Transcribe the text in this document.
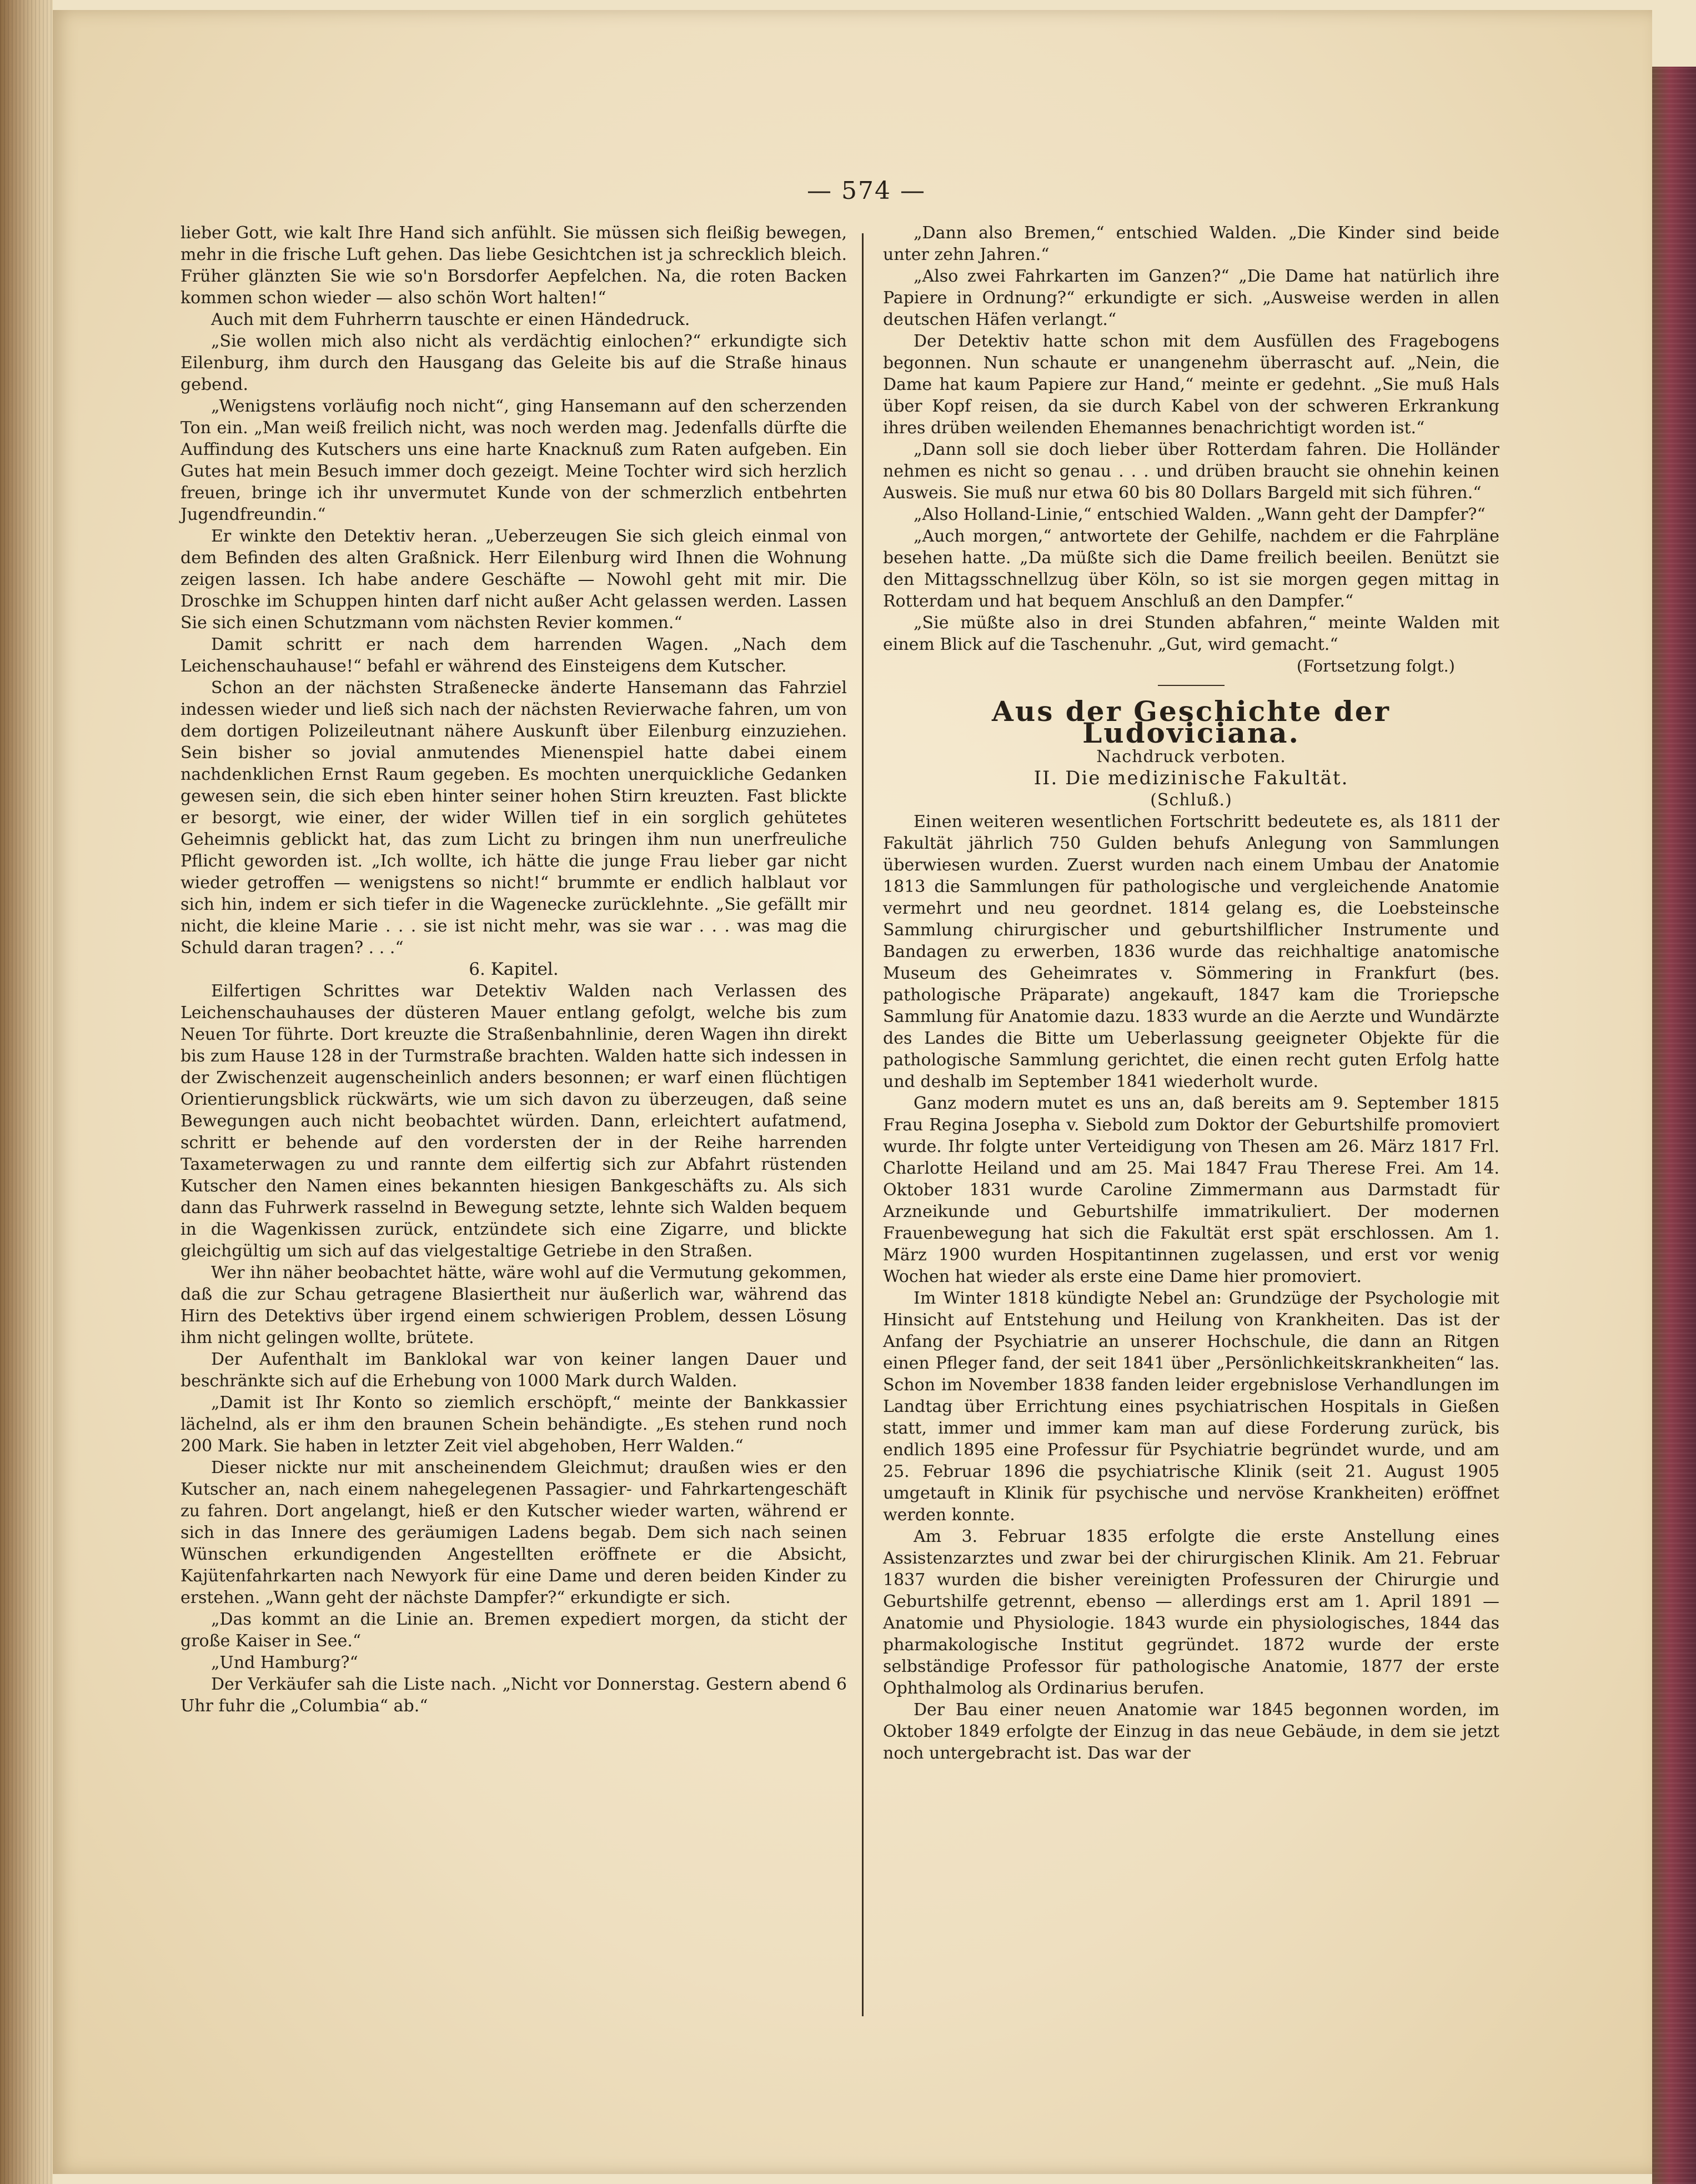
— 574 —

lieber Gott, wie kalt Ihre Hand sich anfühlt. Sie müssen sich fleißig bewegen, mehr in die frische Luft gehen. Das liebe Gesichtchen ist ja schrecklich bleich. Früher glänzten Sie wie so'n Borsdorfer Aepfelchen. Na, die roten Backen kommen schon wieder — also schön Wort halten!“

Auch mit dem Fuhrherrn tauschte er einen Händedruck.

„Sie wollen mich also nicht als verdächtig einlochen?“ erkundigte sich Eilenburg, ihm durch den Hausgang das Geleite bis auf die Straße hinaus gebend.

„Wenigstens vorläufig noch nicht“, ging Hansemann auf den scherzenden Ton ein. „Man weiß freilich nicht, was noch werden mag. Jedenfalls dürfte die Auffindung des Kutschers uns eine harte Knacknuß zum Raten aufgeben. Ein Gutes hat mein Besuch immer doch gezeigt. Meine Tochter wird sich herzlich freuen, bringe ich ihr unvermutet Kunde von der schmerzlich entbehrten Jugendfreundin.“

Er winkte den Detektiv heran. „Ueberzeugen Sie sich gleich einmal von dem Befinden des alten Graßnick. Herr Eilenburg wird Ihnen die Wohnung zeigen lassen. Ich habe andere Geschäfte — Nowohl geht mit mir. Die Droschke im Schuppen hinten darf nicht außer Acht gelassen werden. Lassen Sie sich einen Schutzmann vom nächsten Revier kommen.“

Damit schritt er nach dem harrenden Wagen. „Nach dem Leichenschauhause!“ befahl er während des Einsteigens dem Kutscher.

Schon an der nächsten Straßenecke änderte Hansemann das Fahrziel indessen wieder und ließ sich nach der nächsten Revierwache fahren, um von dem dortigen Polizeileutnant nähere Auskunft über Eilenburg einzuziehen. Sein bisher so jovial anmutendes Mienenspiel hatte dabei einem nachdenklichen Ernst Raum gegeben. Es mochten unerquickliche Gedanken gewesen sein, die sich eben hinter seiner hohen Stirn kreuzten. Fast blickte er besorgt, wie einer, der wider Willen tief in ein sorglich gehütetes Geheimnis geblickt hat, das zum Licht zu bringen ihm nun unerfreuliche Pflicht geworden ist. „Ich wollte, ich hätte die junge Frau lieber gar nicht wieder getroffen — wenigstens so nicht!“ brummte er endlich halblaut vor sich hin, indem er sich tiefer in die Wagenecke zurücklehnte. „Sie gefällt mir nicht, die kleine Marie . . . sie ist nicht mehr, was sie war . . . was mag die Schuld daran tragen? . . .“

6. Kapitel.

Eilfertigen Schrittes war Detektiv Walden nach Verlassen des Leichenschauhauses der düsteren Mauer entlang gefolgt, welche bis zum Neuen Tor führte. Dort kreuzte die Straßenbahnlinie, deren Wagen ihn direkt bis zum Hause 128 in der Turmstraße brachten. Walden hatte sich indessen in der Zwischenzeit augenscheinlich anders besonnen; er warf einen flüchtigen Orientierungsblick rückwärts, wie um sich davon zu überzeugen, daß seine Bewegungen auch nicht beobachtet würden. Dann, erleichtert aufatmend, schritt er behende auf den vordersten der in der Reihe harrenden Taxameterwagen zu und rannte dem eilfertig sich zur Abfahrt rüstenden Kutscher den Namen eines bekannten hiesigen Bankgeschäfts zu. Als sich dann das Fuhrwerk rasselnd in Bewegung setzte, lehnte sich Walden bequem in die Wagenkissen zurück, entzündete sich eine Zigarre, und blickte gleichgültig um sich auf das vielgestaltige Getriebe in den Straßen.

Wer ihn näher beobachtet hätte, wäre wohl auf die Vermutung gekommen, daß die zur Schau getragene Blasiertheit nur äußerlich war, während das Hirn des Detektivs über irgend einem schwierigen Problem, dessen Lösung ihm nicht gelingen wollte, brütete.

Der Aufenthalt im Banklokal war von keiner langen Dauer und beschränkte sich auf die Erhebung von 1000 Mark durch Walden.

„Damit ist Ihr Konto so ziemlich erschöpft,“ meinte der Bankkassier lächelnd, als er ihm den braunen Schein behändigte. „Es stehen rund noch 200 Mark. Sie haben in letzter Zeit viel abgehoben, Herr Walden.“

Dieser nickte nur mit anscheinendem Gleichmut; draußen wies er den Kutscher an, nach einem nahegelegenen Passagier- und Fahrkartengeschäft zu fahren. Dort angelangt, hieß er den Kutscher wieder warten, während er sich in das Innere des geräumigen Ladens begab. Dem sich nach seinen Wünschen erkundigenden Angestellten eröffnete er die Absicht, Kajütenfahrkarten nach Newyork für eine Dame und deren beiden Kinder zu erstehen. „Wann geht der nächste Dampfer?“ erkundigte er sich.

„Das kommt an die Linie an. Bremen expediert morgen, da sticht der große Kaiser in See.“

„Und Hamburg?“

Der Verkäufer sah die Liste nach. „Nicht vor Donnerstag. Gestern abend 6 Uhr fuhr die „Columbia“ ab.“

„Dann also Bremen,“ entschied Walden. „Die Kinder sind beide unter zehn Jahren.“

„Also zwei Fahrkarten im Ganzen?“ „Die Dame hat natürlich ihre Papiere in Ordnung?“ erkundigte er sich. „Ausweise werden in allen deutschen Häfen verlangt.“

Der Detektiv hatte schon mit dem Ausfüllen des Fragebogens begonnen. Nun schaute er unangenehm überrascht auf. „Nein, die Dame hat kaum Papiere zur Hand,“ meinte er gedehnt. „Sie muß Hals über Kopf reisen, da sie durch Kabel von der schweren Erkrankung ihres drüben weilenden Ehemannes benachrichtigt worden ist.“

„Dann soll sie doch lieber über Rotterdam fahren. Die Holländer nehmen es nicht so genau . . . und drüben braucht sie ohnehin keinen Ausweis. Sie muß nur etwa 60 bis 80 Dollars Bargeld mit sich führen.“

„Also Holland-Linie,“ entschied Walden. „Wann geht der Dampfer?“

„Auch morgen,“ antwortete der Gehilfe, nachdem er die Fahrpläne besehen hatte. „Da müßte sich die Dame freilich beeilen. Benützt sie den Mittagsschnellzug über Köln, so ist sie morgen gegen mittag in Rotterdam und hat bequem Anschluß an den Dampfer.“

„Sie müßte also in drei Stunden abfahren,“ meinte Walden mit einem Blick auf die Taschenuhr. „Gut, wird gemacht.“

(Fortsetzung folgt.)

Aus der Geschichte der Ludoviciana.
Nachdruck verboten.
II. Die medizinische Fakultät.
(Schluß.)

Einen weiteren wesentlichen Fortschritt bedeutete es, als 1811 der Fakultät jährlich 750 Gulden behufs Anlegung von Sammlungen überwiesen wurden. Zuerst wurden nach einem Umbau der Anatomie 1813 die Sammlungen für pathologische und vergleichende Anatomie vermehrt und neu geordnet. 1814 gelang es, die Loebsteinsche Sammlung chirurgischer und geburtshilflicher Instrumente und Bandagen zu erwerben, 1836 wurde das reichhaltige anatomische Museum des Geheimrates v. Sömmering in Frankfurt (bes. pathologische Präparate) angekauft, 1847 kam die Troriepsche Sammlung für Anatomie dazu. 1833 wurde an die Aerzte und Wundärzte des Landes die Bitte um Ueberlassung geeigneter Objekte für die pathologische Sammlung gerichtet, die einen recht guten Erfolg hatte und deshalb im September 1841 wiederholt wurde.

Ganz modern mutet es uns an, daß bereits am 9. September 1815 Frau Regina Josepha v. Siebold zum Doktor der Geburtshilfe promoviert wurde. Ihr folgte unter Verteidigung von Thesen am 26. März 1817 Frl. Charlotte Heiland und am 25. Mai 1847 Frau Therese Frei. Am 14. Oktober 1831 wurde Caroline Zimmermann aus Darmstadt für Arzneikunde und Geburtshilfe immatrikuliert. Der modernen Frauenbewegung hat sich die Fakultät erst spät erschlossen. Am 1. März 1900 wurden Hospitantinnen zugelassen, und erst vor wenig Wochen hat wieder als erste eine Dame hier promoviert.

Im Winter 1818 kündigte Nebel an: Grundzüge der Psychologie mit Hinsicht auf Entstehung und Heilung von Krankheiten. Das ist der Anfang der Psychiatrie an unserer Hochschule, die dann an Ritgen einen Pfleger fand, der seit 1841 über „Persönlichkeitskrankheiten“ las. Schon im November 1838 fanden leider ergebnislose Verhandlungen im Landtag über Errichtung eines psychiatrischen Hospitals in Gießen statt, immer und immer kam man auf diese Forderung zurück, bis endlich 1895 eine Professur für Psychiatrie begründet wurde, und am 25. Februar 1896 die psychiatrische Klinik (seit 21. August 1905 umgetauft in Klinik für psychische und nervöse Krankheiten) eröffnet werden konnte.

Am 3. Februar 1835 erfolgte die erste Anstellung eines Assistenzarztes und zwar bei der chirurgischen Klinik. Am 21. Februar 1837 wurden die bisher vereinigten Professuren der Chirurgie und Geburtshilfe getrennt, ebenso — allerdings erst am 1. April 1891 — Anatomie und Physiologie. 1843 wurde ein physiologisches, 1844 das pharmakologische Institut gegründet. 1872 wurde der erste selbständige Professor für pathologische Anatomie, 1877 der erste Ophthalmolog als Ordinarius berufen.

Der Bau einer neuen Anatomie war 1845 begonnen worden, im Oktober 1849 erfolgte der Einzug in das neue Gebäude, in dem sie jetzt noch untergebracht ist. Das war der
